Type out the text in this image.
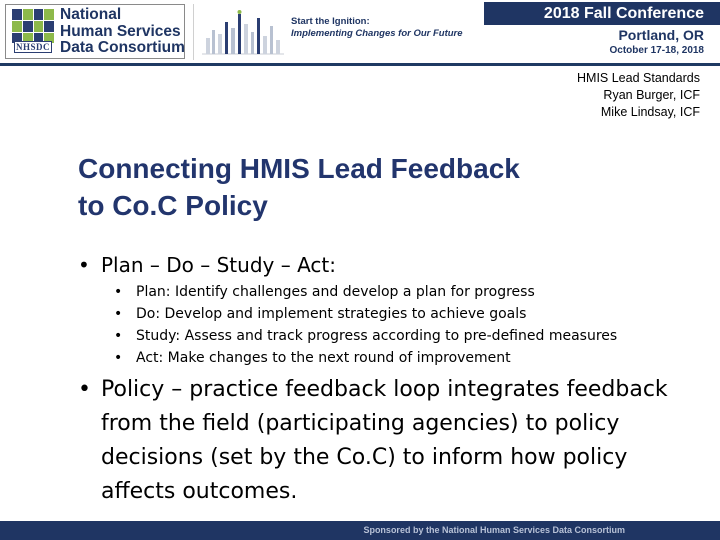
NHSDC
National
Human Services
Data Consortium
Start the Ignition:
Implementing Changes for Our Future
2018 Fall Conference
Portland, OR
October 17-18, 2018
HMIS Lead Standards
Ryan Burger, ICF
Mike Lindsay, ICF
Connecting HMIS Lead Feedback
to Co.C Policy
• Plan – Do – Study – Act:
• Plan: Identify challenges and develop a plan for progress
• Do: Develop and implement strategies to achieve goals
• Study: Assess and track progress according to pre-defined measures
• Act: Make changes to the next round of improvement
• Policy – practice feedback loop integrates feedback
from the field (participating agencies) to policy
decisions (set by the Co.C) to inform how policy
affects outcomes.
Sponsored by the National Human Services Data Consortium
